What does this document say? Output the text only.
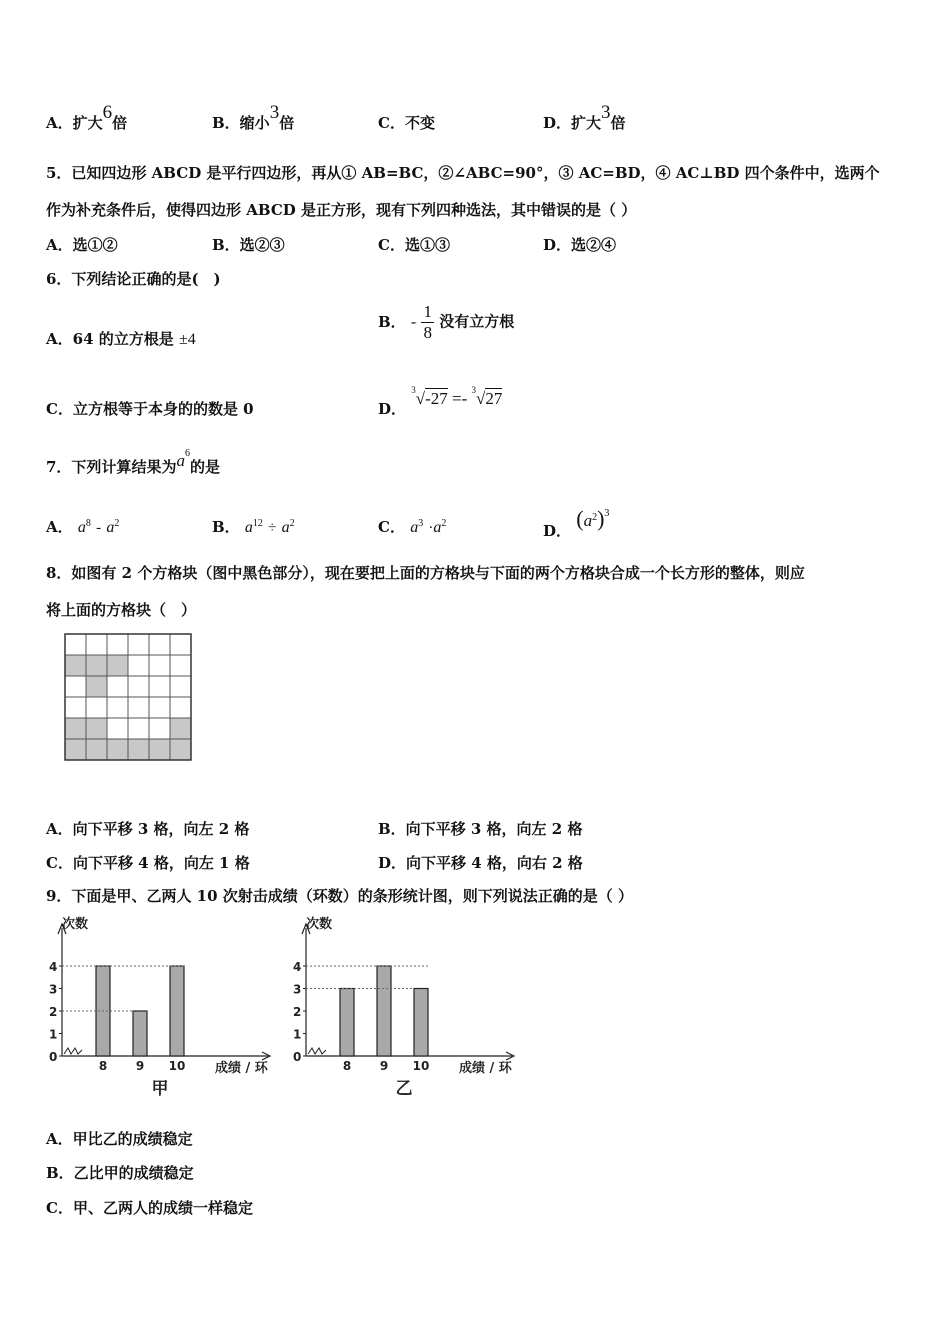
A．扩大6倍	B．缩小3倍	C．不变	D．扩大3倍
5．已知四边形 ABCD 是平行四边形，再从① AB=BC，②∠ABC=90°，③ AC=BD，④ AC⊥BD 四个条件中，选两个
作为补充条件后，使得四边形 ABCD 是正方形，现有下列四种选法，其中错误的是（ ）
A．选①②	B．选②③	C．选①③	D．选②④
6．下列结论正确的是(　)
A．64 的立方根是 ±4
B． - $\frac{1}{8}$ 没有立方根
C．立方根等于本身的的数是 0	D． $^3$√-27 =- $^3$√27
7．下列计算结果为$a^6$的是
A． $a^8 - a^2$	B． $a^{12} \div a^2$	C． $a^3 \cdot a^2$	D． $(a^2)^3$
8．如图有 2 个方格块（图中黑色部分），现在要把上面的方格块与下面的两个方格块合成一个长方形的整体，则应
将上面的方格块（　）
A．向下平移 3 格，向左 2 格	B．向下平移 3 格，向左 2 格
C．向下平移 4 格，向左 1 格	D．向下平移 4 格，向右 2 格
9．下面是甲、乙两人 10 次射击成绩（环数）的条形统计图，则下列说法正确的是（ ）
次数
0
1
2
3
4
8 9 10 成绩 / 环
甲
次数
0
1
2
3
4
8 9 10 成绩 / 环
乙
A．甲比乙的成绩稳定
B．乙比甲的成绩稳定
C．甲、乙两人的成绩一样稳定
